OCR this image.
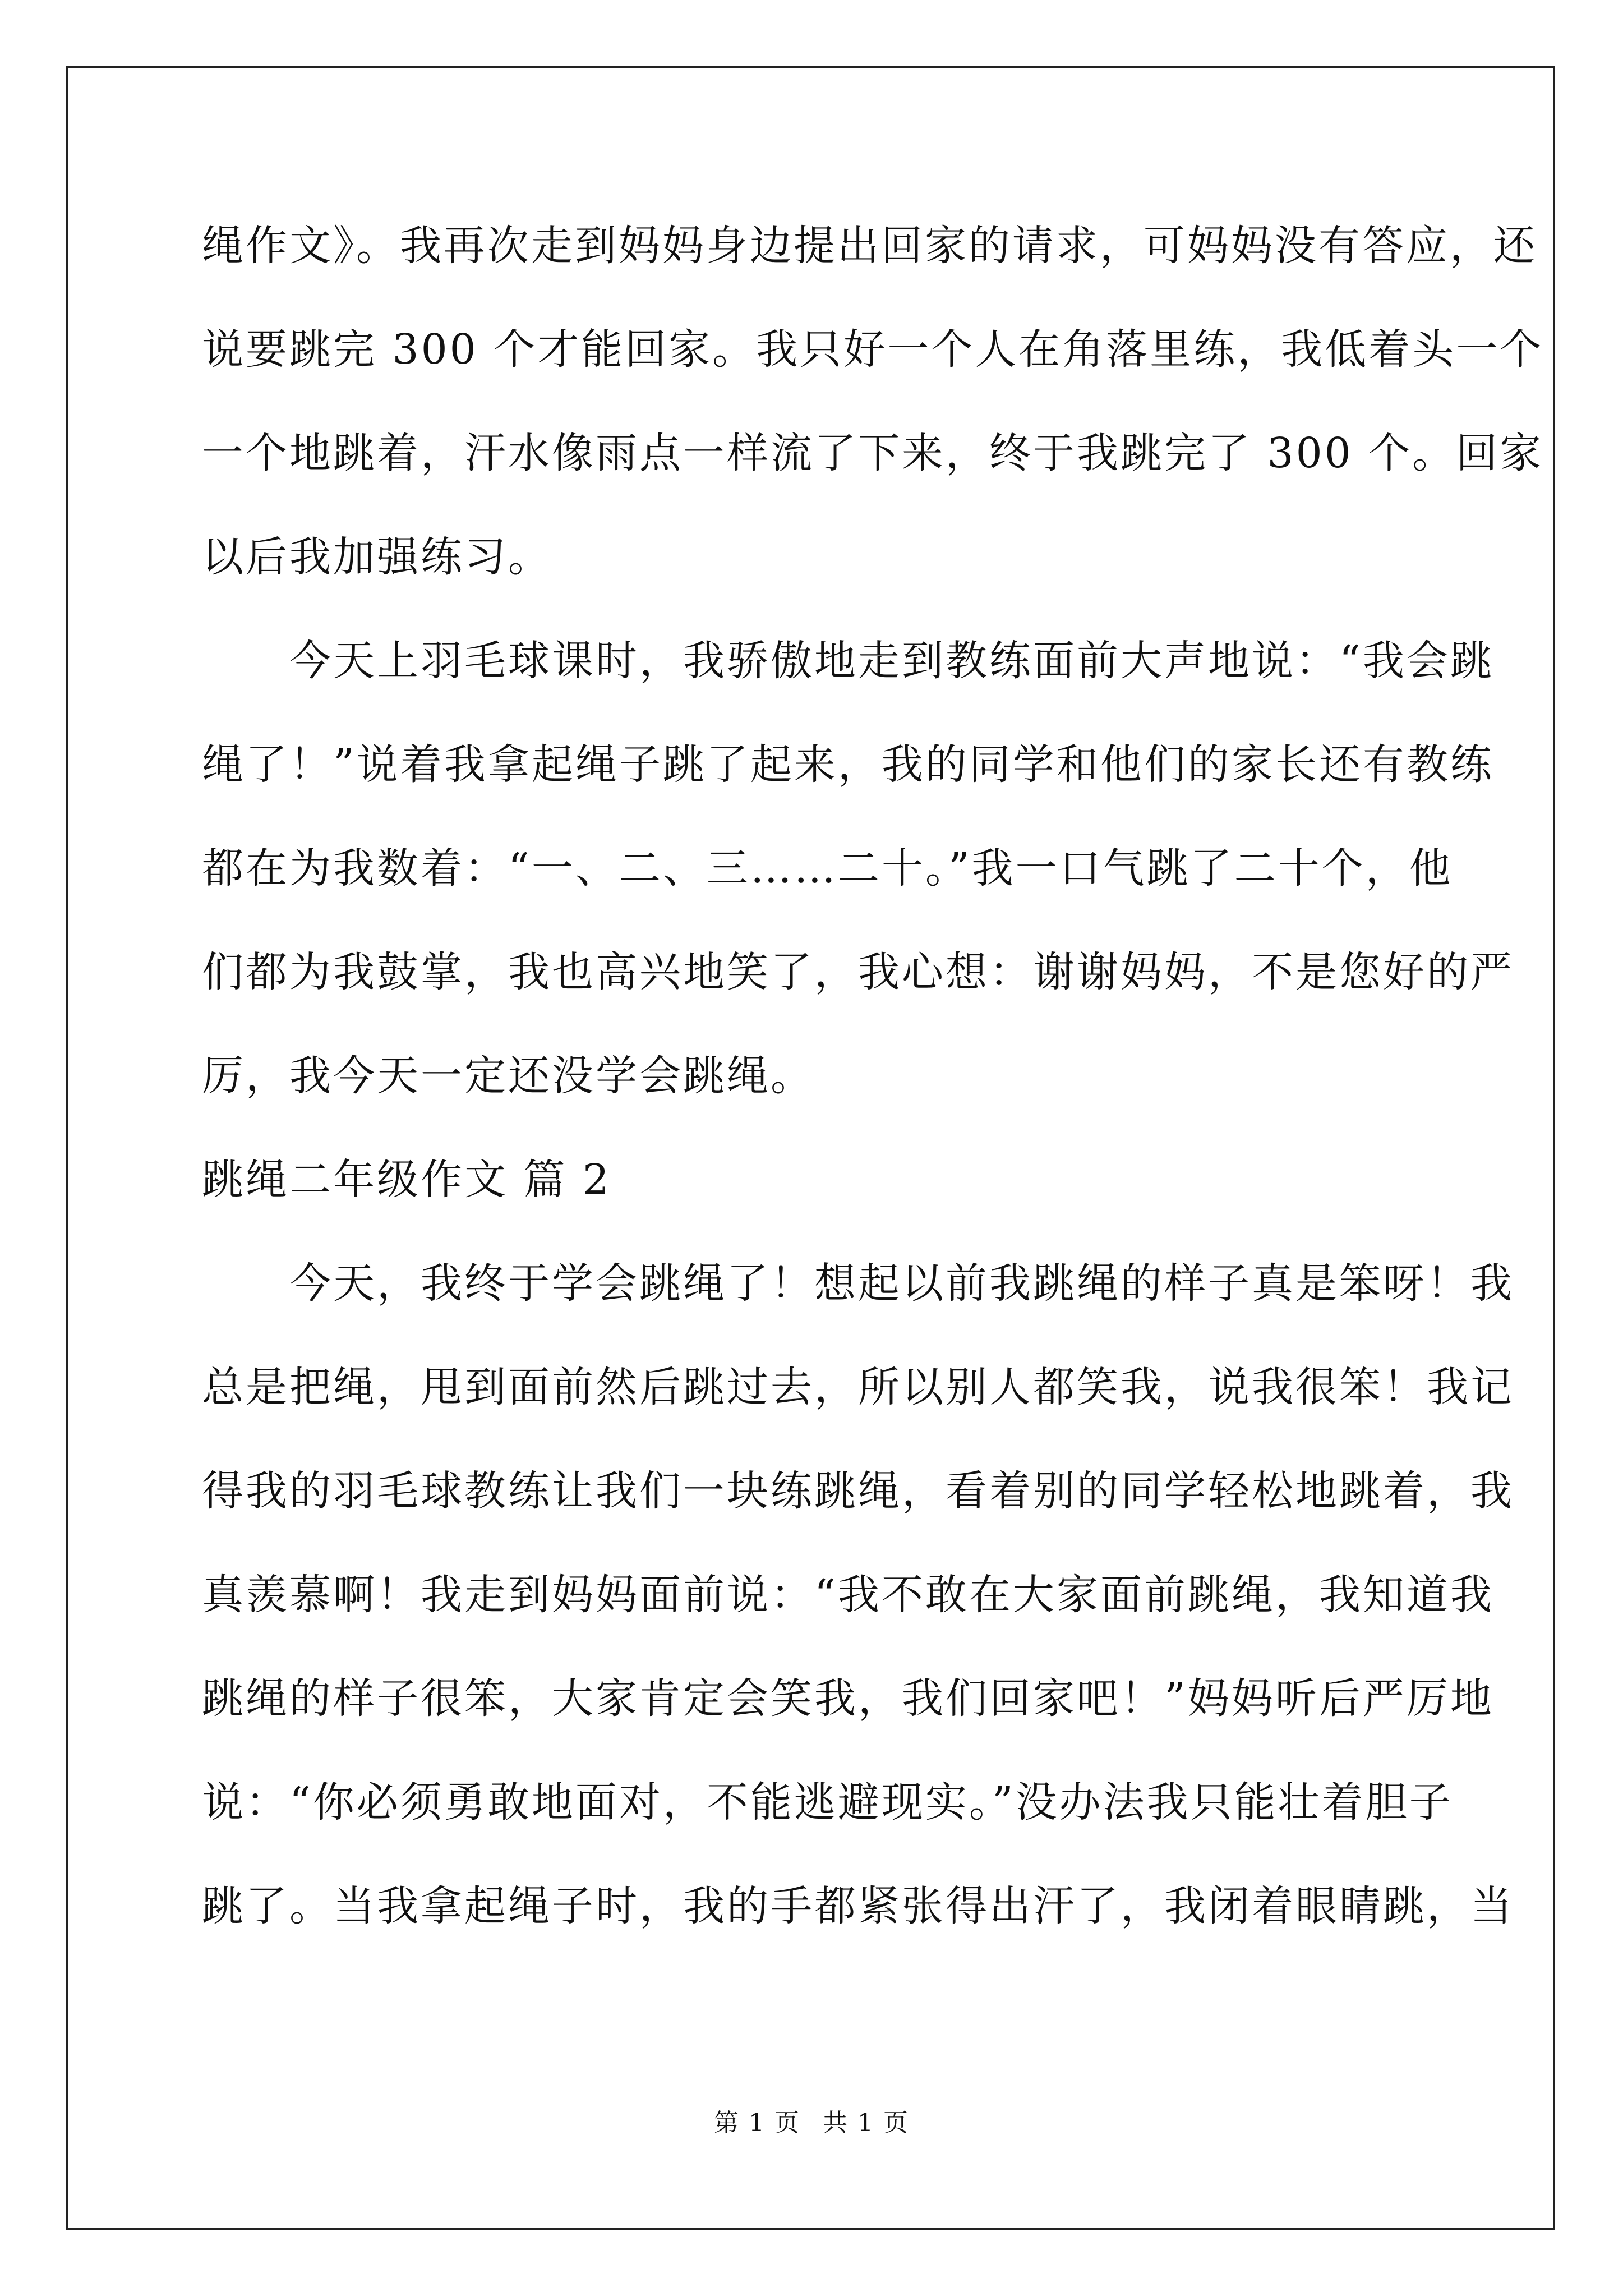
绳作文》。我再次走到妈妈身边提出回家的请求，可妈妈没有答应，还
说要跳完 300 个才能回家。我只好一个人在角落里练，我低着头一个
一个地跳着，汗水像雨点一样流了下来，终于我跳完了 300 个。回家
以后我加强练习。
　　今天上羽毛球课时，我骄傲地走到教练面前大声地说：“我会跳
绳了！”说着我拿起绳子跳了起来，我的同学和他们的家长还有教练
都在为我数着：“一、二、三……二十。”我一口气跳了二十个，他
们都为我鼓掌，我也高兴地笑了，我心想：谢谢妈妈，不是您好的严
厉，我今天一定还没学会跳绳。
跳绳二年级作文 篇 2
　　今天，我终于学会跳绳了！想起以前我跳绳的样子真是笨呀！我
总是把绳，甩到面前然后跳过去，所以别人都笑我，说我很笨！我记
得我的羽毛球教练让我们一块练跳绳，看着别的同学轻松地跳着，我
真羡慕啊！我走到妈妈面前说：“我不敢在大家面前跳绳，我知道我
跳绳的样子很笨，大家肯定会笑我，我们回家吧！”妈妈听后严厉地
说：“你必须勇敢地面对，不能逃避现实。”没办法我只能壮着胆子
跳了。当我拿起绳子时，我的手都紧张得出汗了，我闭着眼睛跳，当
第 1 页 共 1 页
